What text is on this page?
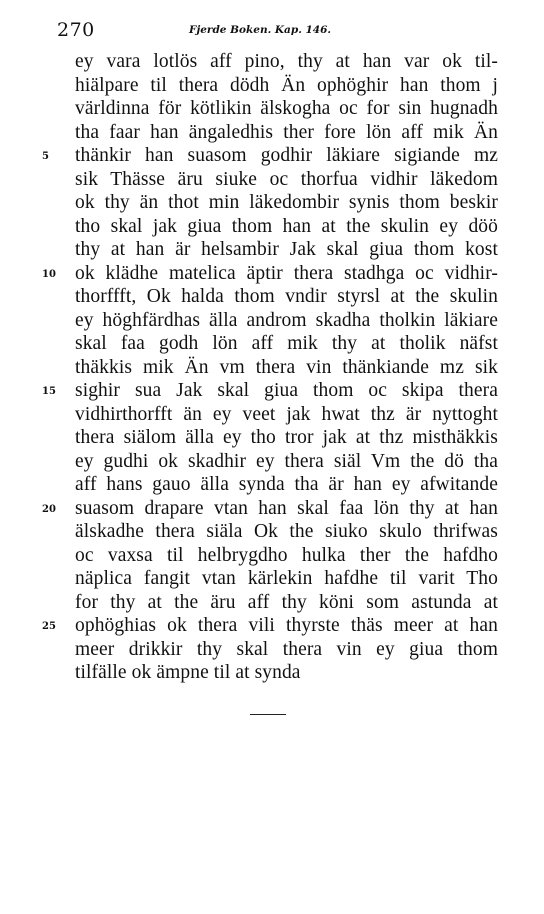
270	Fjerde Boken. Kap. 146.
ey vara lotlös aff pino, thy at han var ok til-
hiälpare til thera dödh Än ophöghir han thom j
världinna för kötlikin älskogha oc for sin hugnadh
tha faar han ängaledhis ther fore lön aff mik Än
5	thänkir han suasom godhir läkiare sigiande mz
sik Thässe äru siuke oc thorfua vidhir läkedom
ok thy än thot min läkedombir synis thom beskir
tho skal jak giua thom han at the skulin ey döö
thy at han är helsambir Jak skal giua thom kost
10 ok klädhe matelica äptir thera stadhga oc vidhir-
thorffft, Ok halda thom vndir styrsl at the skulin
ey höghfärdhas älla androm skadha tholkin läkiare
skal faa godh lön aff mik thy at tholik näfst
thäkkis mik Än vm thera vin thänkiande mz sik
15 sighir sua Jak skal giua thom oc skipa thera
vidhirthorfft än ey veet jak hwat thz är nyttoght
thera siälom älla ey tho tror jak at thz misthäkkis
ey gudhi ok skadhir ey thera siäl Vm the dö tha
aff hans gauo älla synda tha är han ey afwitande
20 suasom drapare vtan han skal faa lön thy at han
älskadhe thera siäla Ok the siuko skulo thrifwas
oc vaxsa til helbrygdho hulka ther the hafdho
näplica fangit vtan kärlekin hafdhe til varit Tho
for thy at the äru aff thy köni som astunda at
25 ophöghias ok thera vili thyrste thäs meer at han
meer drikkir thy skal thera vin ey giua thom
tilfälle ok ämpne til at synda
